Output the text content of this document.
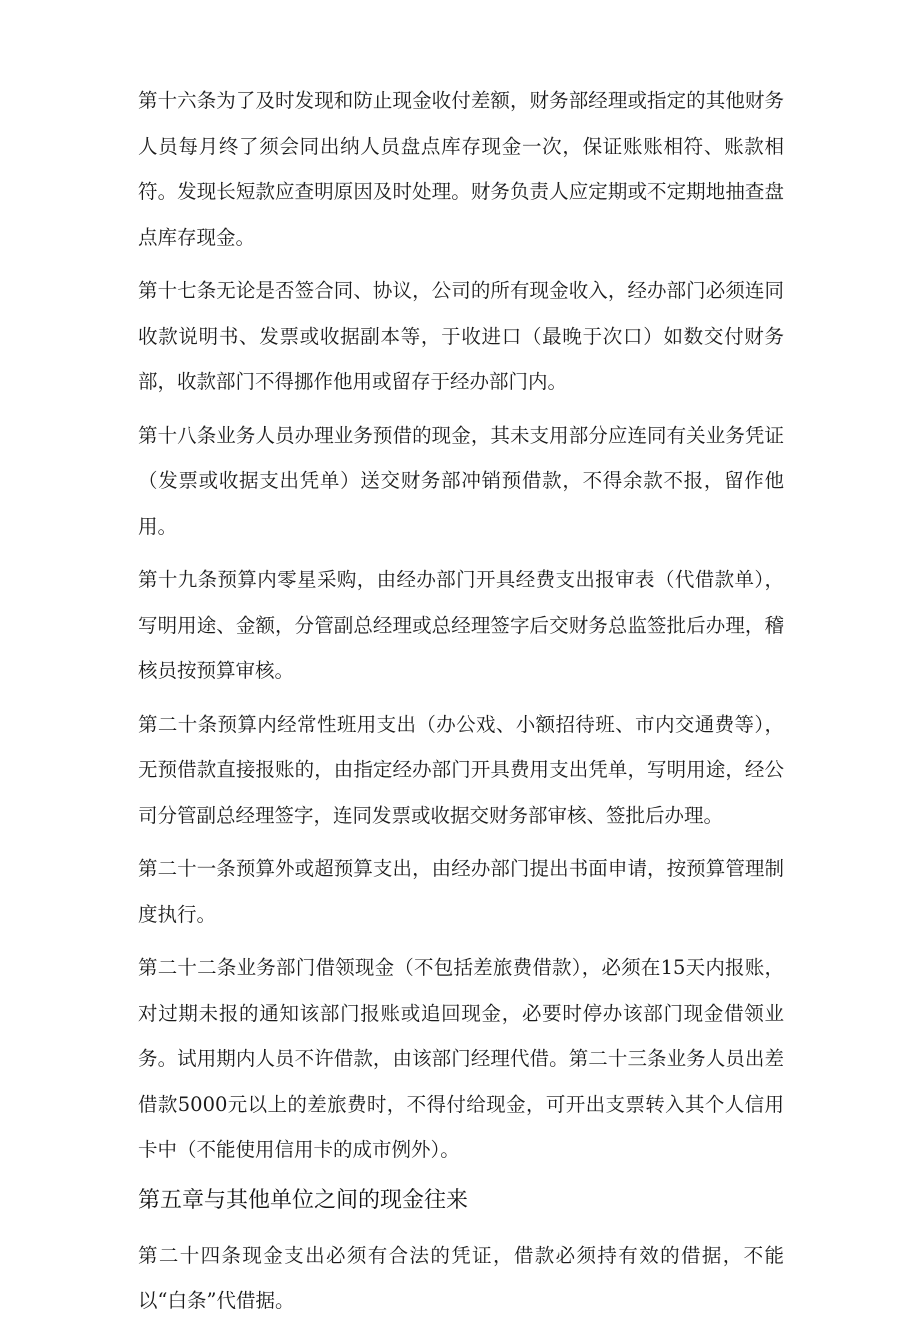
第十六条为了及时发现和防止现金收付差额，财务部经理或指定的其他财务人员每月终了须会同出纳人员盘点库存现金一次，保证账账相符、账款相符。发现长短款应查明原因及时处理。财务负责人应定期或不定期地抽查盘点库存现金。

第十七条无论是否签合同、协议，公司的所有现金收入，经办部门必须连同收款说明书、发票或收据副本等，于收进口（最晚于次口）如数交付财务部，收款部门不得挪作他用或留存于经办部门内。

第十八条业务人员办理业务预借的现金，其未支用部分应连同有关业务凭证（发票或收据支出凭单）送交财务部冲销预借款，不得余款不报，留作他用。

第十九条预算内零星采购，由经办部门开具经费支出报审表（代借款单），写明用途、金额，分管副总经理或总经理签字后交财务总监签批后办理，稽核员按预算审核。

第二十条预算内经常性班用支出（办公戏、小额招待班、市内交通费等），无预借款直接报账的，由指定经办部门开具费用支出凭单，写明用途，经公司分管副总经理签字，连同发票或收据交财务部审核、签批后办理。

第二十一条预算外或超预算支出，由经办部门提出书面申请，按预算管理制度执行。

第二十二条业务部门借领现金（不包括差旅费借款），必须在15天内报账，对过期未报的通知该部门报账或追回现金，必要时停办该部门现金借领业务。试用期内人员不许借款，由该部门经理代借。第二十三条业务人员出差借款5000元以上的差旅费时，不得付给现金，可开出支票转入其个人信用卡中（不能使用信用卡的成市例外）。

第五章与其他单位之间的现金往来

第二十四条现金支出必须有合法的凭证，借款必须持有效的借据，不能以“白条”代借据。
